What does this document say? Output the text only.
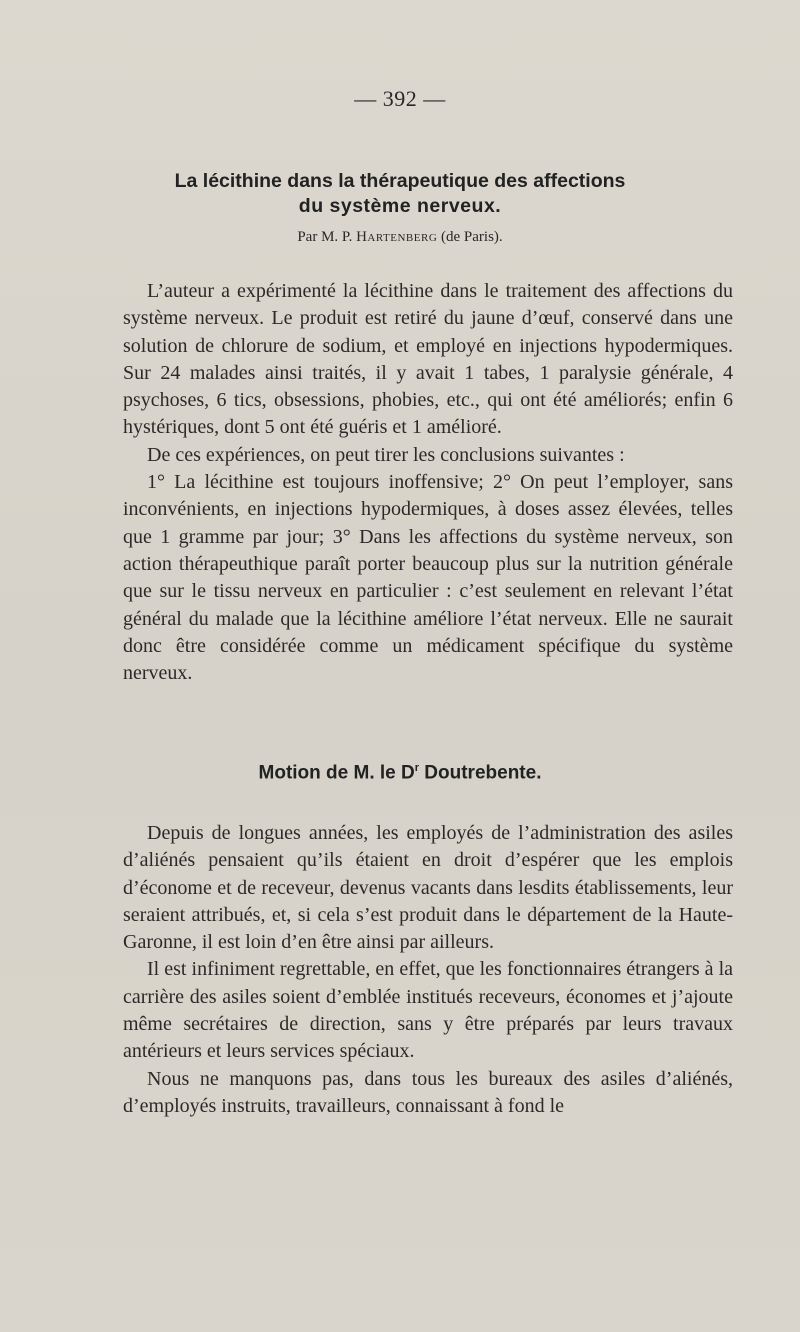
— 392 —
La lécithine dans la thérapeutique des affections
du système nerveux.
Par M. P. Hartenberg (de Paris).

L’auteur a expérimenté la lécithine dans le traitement des affections du système nerveux. Le produit est retiré du jaune d’œuf, conservé dans une solution de chlorure de sodium, et employé en injections hypodermiques. Sur 24 malades ainsi traités, il y avait 1 tabes, 1 paralysie générale, 4 psychoses, 6 tics, obsessions, phobies, etc., qui ont été améliorés; enfin 6 hystériques, dont 5 ont été guéris et 1 amélioré.

De ces expériences, on peut tirer les conclusions suivantes :

1° La lécithine est toujours inoffensive; 2° On peut l’employer, sans inconvénients, en injections hypodermiques, à doses assez élevées, telles que 1 gramme par jour; 3° Dans les affections du système nerveux, son action thérapeuthique paraît porter beaucoup plus sur la nutrition générale que sur le tissu nerveux en particulier : c’est seulement en relevant l’état général du malade que la lécithine améliore l’état nerveux. Elle ne saurait donc être considérée comme un médicament spécifique du système nerveux.

Motion de M. le $D^r$ Doutrebente.

Depuis de longues années, les employés de l’administration des asiles d’aliénés pensaient qu’ils étaient en droit d’espérer que les emplois d’économe et de receveur, devenus vacants dans lesdits établissements, leur seraient attribués, et, si cela s’est produit dans le département de la Haute-Garonne, il est loin d’en être ainsi par ailleurs.

Il est infiniment regrettable, en effet, que les fonctionnaires étrangers à la carrière des asiles soient d’emblée institués receveurs, économes et j’ajoute même secrétaires de direction, sans y être préparés par leurs travaux antérieurs et leurs services spéciaux.

Nous ne manquons pas, dans tous les bureaux des asiles d’aliénés, d’employés instruits, travailleurs, connaissant à fond le
